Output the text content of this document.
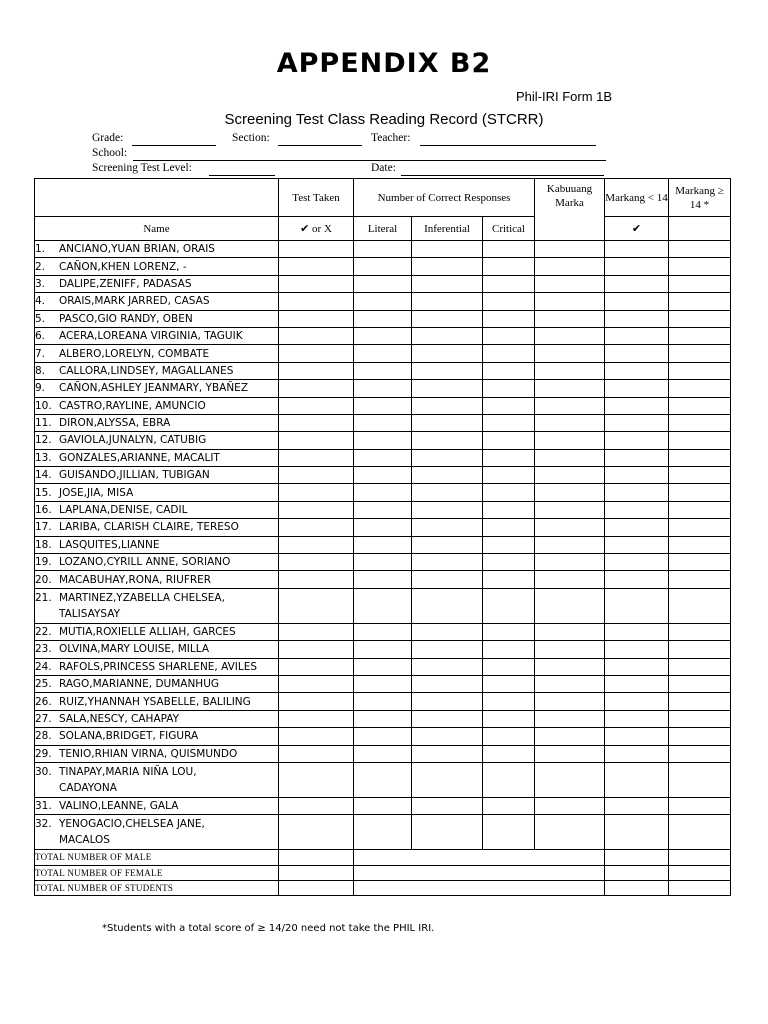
APPENDIX B2
Phil-IRI Form 1B
Screening Test Class Reading Record (STCRR)
Grade:	Section:	Teacher:
School:
Screening Test Level:	Date:
	Test Taken	Number of Correct Responses			Kabuuang Marka	Markang < 14	Markang ≥ 14 *
Name	✔ or X	Literal	Inferential	Critical		✔	
1. ANCIANO,YUAN BRIAN, ORAIS							
2. CAÑON,KHEN LORENZ, -							
3. DALIPE,ZENIFF, PADASAS							
4. ORAIS,MARK JARRED, CASAS							
5. PASCO,GIO RANDY, OBEN							
6. ACERA,LOREANA VIRGINIA, TAGUIK							
7. ALBERO,LORELYN, COMBATE							
8. CALLORA,LINDSEY, MAGALLANES							
9. CAÑON,ASHLEY JEANMARY, YBAÑEZ							
10. CASTRO,RAYLINE, AMUNCIO							
11. DIRON,ALYSSA, EBRA							
12. GAVIOLA,JUNALYN, CATUBIG							
13. GONZALES,ARIANNE, MACALIT							
14. GUISANDO,JILLIAN, TUBIGAN							
15. JOSE,JIA, MISA							
16. LAPLANA,DENISE, CADIL							
17. LARIBA, CLARISH CLAIRE, TERESO							
18. LASQUITES,LIANNE							
19. LOZANO,CYRILL ANNE, SORIANO							
20. MACABUHAY,RONA, RIUFRER							
21. MARTINEZ,YZABELLA CHELSEA,
TALISAYSAY							

22. MUTIA,ROXIELLE ALLIAH, GARCES							
23. OLVINA,MARY LOUISE, MILLA							
24. RAFOLS,PRINCESS SHARLENE, AVILES							
25. RAGO,MARIANNE, DUMANHUG							
26. RUIZ,YHANNAH YSABELLE, BALILING							
27. SALA,NESCY, CAHAPAY							
28. SOLANA,BRIDGET, FIGURA							
29. TENIO,RHIAN VIRNA, QUISMUNDO							
30. TINAPAY,MARIA NIÑA LOU,
CADAYONA							

31. VALINO,LEANNE, GALA							
32. YENOGACIO,CHELSEA JANE,
MACALOS							

TOTAL NUMBER OF MALE							
TOTAL NUMBER OF FEMALE							
TOTAL NUMBER OF STUDENTS							
*Students with a total score of ≥ 14/20 need not take the PHIL IRI.
